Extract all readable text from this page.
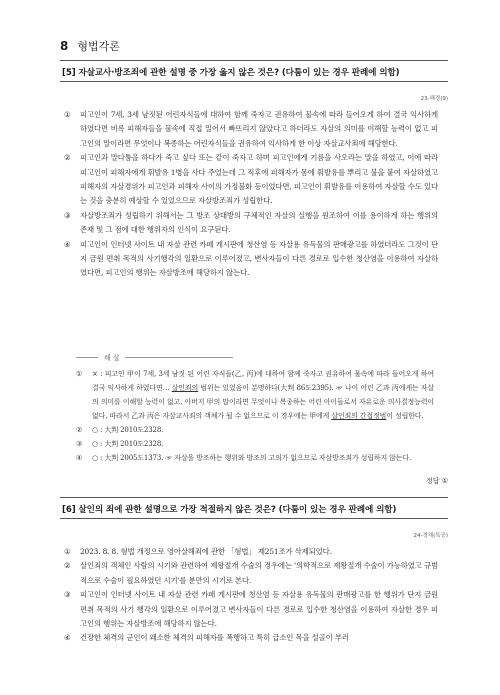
8 형법각론
[5] 자살교사·방조죄에 관한 설명 중 가장 옳지 않은 것은? (다툼이 있는 경우 판례에 의함)
23-해경(9)
① 피고인이 7세, 3세 남짓된 어린자식들에 대하여 함께 죽자고 권유하여 물속에 따라 들어오게 하여 결국 익사하게 하였다면 비록 피해자들을 물속에 직접 밀어서 빠뜨리지 않았다고 하더라도 자살의 의미를 이해할 능력이 없고 피고인의 말이라면 무엇이나 복종하는 어린자식들을 권유하여 익사하게 한 이상 자살교사죄에 해당한다.
② 피고인과 말다툼을 하다가 죽고 싶다 또는 같이 죽자고 하며 피고인에게 기름을 사오라는 말을 하였고, 이에 따라 피고인이 피해자에게 휘발유 1병을 사다 주었는데 그 직후에 피해자가 몸에 휘발유를 뿌리고 불을 붙여 자살하였고 피해자의 자살경위가 피고인과 피해자 사이의 가정불화 등이었다면, 피고인이 휘발유를 이용하여 자살할 수도 있다는 것을 충분히 예상할 수 있었으므로 자살방조죄가 성립한다.
③ 자살방조죄가 성립하기 위해서는 그 방조 상대방의 구체적인 자살의 실행을 원조하여 이를 용이하게 하는 행위의 존재 및 그 점에 대한 행위자의 인식이 요구된다.
④ 피고인이 인터넷 사이트 내 자살 관련 카페 게시판에 청산염 등 자살용 유독물의 판매광고를 하였더라도 그것이 단지 금원 편취 목적의 사기행각의 일환으로 이루어졌고, 변사자들이 다른 경로로 입수한 청산염을 이용하여 자살하였다면, 피고인의 행위는 자살방조에 해당하지 않는다.
해 설
① × : 피고인 甲이 7세, 3세 남짓 된 어린 자식들(乙, 丙)에 대하여 함께 죽자고 권유하여 물속에 따라 들어오게 하여 결국 익사하게 하였다면… 살인죄의 범위는 있었음이 분명하다(大判 86도2395). ☞ 나이 어린 乙과 丙에게는 자살의 의미를 이해할 능력이 없고, 아버지 甲의 말이라면 무엇이나 복종하는 어린 아이들로서 자유로운 의사결정능력이 없다. 따라서 乙과 丙은 자살교사죄의 객체가 될 수 없으므로 이 경우에는 甲에게 살인죄의 간접정범이 성립한다.
② ○ : 大判 2010도2328.
③ ○ : 大判 2010도2328.
④ ○ : 大判 2005도1373. ☞ 자살을 방조하는 행위와 방조의 고의가 없으므로 자살방조죄가 성립하지 않는다.
정답 ①
[6] 살인의 죄에 관한 설명으로 가장 적절하지 않은 것은? (다툼이 있는 경우 판례에 의함)
24-경채(특공)
① 2023. 8. 8. 형법 개정으로 영아살해죄에 관한 「형법」 제251조가 삭제되었다.
② 살인죄의 객체인 사람의 시기와 관련하여 제왕절개 수술의 경우에는 '의학적으로 제왕절개 수술이 가능하였고 규범적으로 수술이 필요하였던 시기'를 분만의 시기로 본다.
③ 피고인이 인터넷 사이트 내 자살 관련 카페 게시판에 청산염 등 자살용 유독물의 판매광고를 한 행위가 단지 금원 편취 목적의 사기 행각의 일환으로 이루어졌고 변사자들이 다른 경로로 입수한 청산염을 이용하여 자살한 경우 피고인의 행위는 자살방조에 해당하지 않는다.
④ 건장한 체격의 군인이 왜소한 체격의 피해자를 폭행하고 특히 급소인 목을 설골이 부러
